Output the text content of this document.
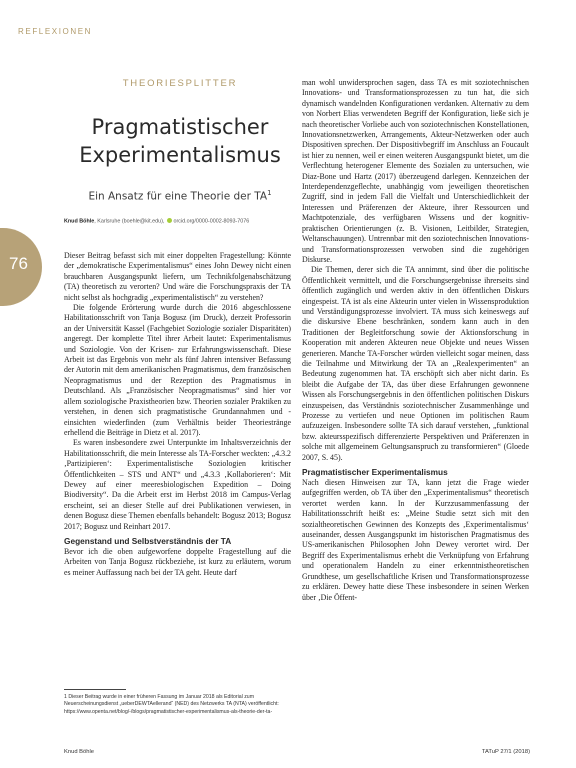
REFLEXIONEN
THEORIESPLITTER
Pragmatistischer
Experimentalismus
Ein Ansatz für eine Theorie der $TA^1$
Knud Böhle, Karlsruhe (boehle@kit.edu), orcid.org/0000-0002-8093-7076
76	Dieser Beitrag befasst sich mit einer doppelten Fragestellung: Könnte der „demokratische Experimentalismus“ eines John Dewey nicht einen brauchbaren Ausgangspunkt liefern, um Technikfolgenabschätzung (TA) theoretisch zu verorten? Und wäre die Forschungspraxis der TA nicht selbst als hochgradig „experimentalistisch“ zu verstehen?

Die folgende Erörterung wurde durch die 2016 abgeschlossene Habilitationsschrift von Tanja Bogusz (im Druck), derzeit Professorin an der Universität Kassel (Fachgebiet Soziologie sozialer Disparitäten) angeregt. Der komplette Titel ihrer Arbeit lautet: Experimentalismus und Soziologie. Von der Krisen- zur Erfahrungswissenschaft. Diese Arbeit ist das Ergebnis von mehr als fünf Jahren intensiver Befassung der Autorin mit dem amerikanischen Pragmatismus, dem französischen Neopragmatismus und der Rezeption des Pragmatismus in Deutschland. Als „Französischer Neopragmatismus“ sind hier vor allem soziologische Praxistheorien bzw. Theorien sozialer Praktiken zu verstehen, in denen sich pragmatistische Grundannahmen und -einsichten wiederfinden (zum Verhältnis beider Theoriestränge erhellend die Beiträge in Dietz et al. 2017).

Es waren insbesondere zwei Unterpunkte im Inhaltsverzeichnis der Habilitationsschrift, die mein Interesse als TA-Forscher weckten: „4.3.2 ‚Partizipieren‘: Experimentalistische Soziologien kritischer Öffentlichkeiten – STS und ANT“ und „4.3.3 ‚Kollaborieren‘: Mit Dewey auf einer meeresbiologischen Expedition – Doing Biodiversity“. Da die Arbeit erst im Herbst 2018 im Campus-Verlag erscheint, sei an dieser Stelle auf drei Publikationen verwiesen, in denen Bogusz diese Themen ebenfalls behandelt: Bogusz 2013; Bogusz 2017; Bogusz und Reinhart 2017.

Gegenstand und Selbstverständnis der TA

Bevor ich die oben aufgeworfene doppelte Fragestellung auf die Arbeiten von Tanja Bogusz rückbeziehe, ist kurz zu erläutern, worum es meiner Auffassung nach bei der TA geht. Heute darf

man wohl unwidersprochen sagen, dass TA es mit soziotechnischen Innovations- und Transformationsprozessen zu tun hat, die sich dynamisch wandelnden Konfigurationen verdanken. Alternativ zu dem von Norbert Elias verwendeten Begriff der Konfiguration, ließe sich je nach theoretischer Vorliebe auch von soziotechnischen Konstellationen, Innovationsnetzwerken, Arrangements, Akteur-Netzwerken oder auch Dispositiven sprechen. Der Dispositivbegriff im Anschluss an Foucault ist hier zu nennen, weil er einen weiteren Ausgangspunkt bietet, um die Verflechtung heterogener Elemente des Sozialen zu untersuchen, wie Diaz-Bone und Hartz (2017) überzeugend darlegen. Kennzeichen der Interdependenzgeflechte, unabhängig vom jeweiligen theoretischen Zugriff, sind in jedem Fall die Vielfalt und Unterschiedlichkeit der Interessen und Präferenzen der Akteure, ihrer Ressourcen und Machtpotenziale, des verfügbaren Wissens und der kognitiv-praktischen Orientierungen (z. B. Visionen, Leitbilder, Strategien, Weltanschauungen). Untrennbar mit den soziotechnischen Innovations- und Transformationsprozessen verwoben sind die zugehörigen Diskurse.

Die Themen, derer sich die TA annimmt, sind über die politische Öffentlichkeit vermittelt, und die Forschungsergebnisse ihrerseits sind öffentlich zugänglich und werden aktiv in den öffentlichen Diskurs eingespeist. TA ist als eine Akteurin unter vielen in Wissensproduktion und Verständigungsprozesse involviert. TA muss sich keineswegs auf die diskursive Ebene beschränken, sondern kann auch in den Traditionen der Begleitforschung sowie der Aktionsforschung in Kooperation mit anderen Akteuren neue Objekte und neues Wissen generieren. Manche TA-Forscher würden vielleicht sogar meinen, dass die Teilnahme und Mitwirkung der TA an „Realexperimenten“ an Bedeutung zugenommen hat. TA erschöpft sich aber nicht darin. Es bleibt die Aufgabe der TA, das über diese Erfahrungen gewonnene Wissen als Forschungsergebnis in den öffentlichen politischen Diskurs einzuspeisen, das Verständnis soziotechnischer Zusammenhänge und Prozesse zu vertiefen und neue Optionen im politischen Raum aufzuzeigen. Insbesondere sollte TA sich darauf verstehen, „funktional bzw. akteursspezifisch differenzierte Perspektiven und Präferenzen in solche mit allgemeinem Geltungsanspruch zu transformieren“ (Gloede 2007, S. 45).

Pragmatistischer Experimentalismus

Nach diesen Hinweisen zur TA, kann jetzt die Frage wieder aufgegriffen werden, ob TA über den „Experimentalismus“ theoretisch verortet werden kann. In der Kurzzusammenfassung der Habilitationsschrift heißt es: „Meine Studie setzt sich mit den sozialtheoretischen Gewinnen des Konzepts des ‚Experimentalismus‘ auseinander, dessen Ausgangspunkt im historischen Pragmatismus des US-amerikanischen Philosophen John Dewey verortet wird. Der Begriff des Experimentalismus erhebt die Verknüpfung von Erfahrung und operationalem Handeln zu einer erkenntnistheoretischen Grundthese, um gesellschaftliche Krisen und Transformationsprozesse zu erklären. Dewey hatte diese These insbesondere in seinen Werken über ‚Die Öffent-

1 Dieser Beitrag wurde in einer früheren Fassung im Januar 2018 als Editorial zum Neuerscheinungsdienst „ueberDEWTAellerand“ (NED) des Netzwerks TA (NTA) veröffentlicht: https://www.openta.net/blog/-/blogs/pragmatistischer-experimentalismus-als-theorie-der-ta-
Knud Böhle	TATuP 27/1 (2018)
